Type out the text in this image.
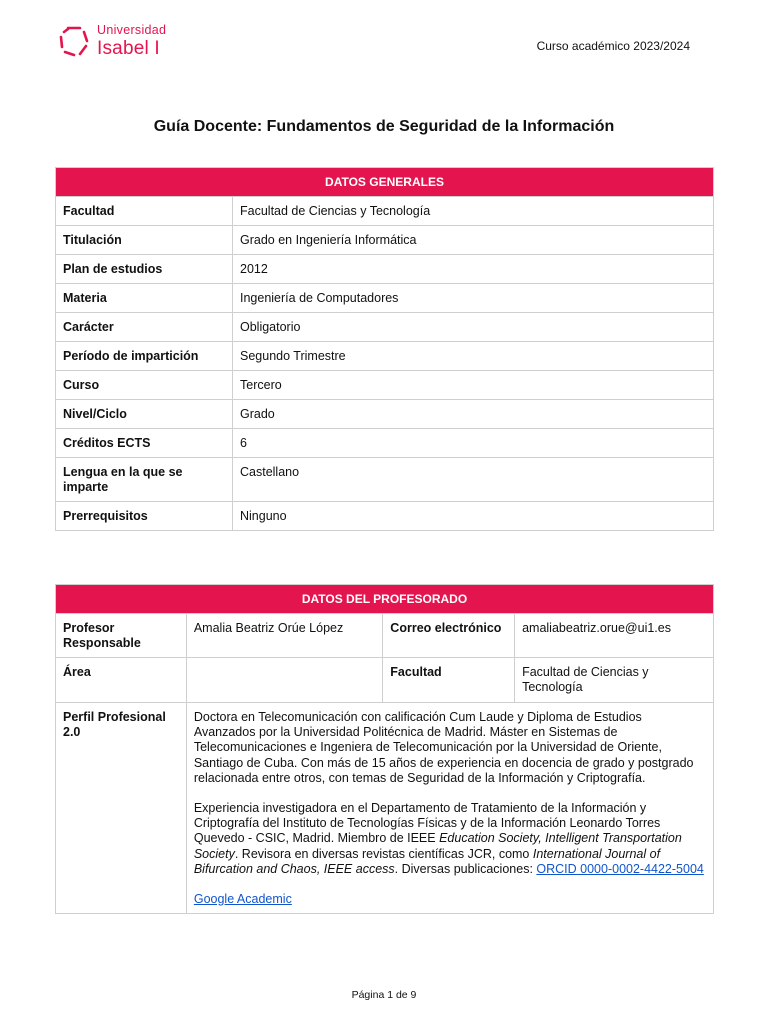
Universidad
Isabel I	Curso académico 2023/2024
Guía Docente: Fundamentos de Seguridad de la Información
DATOS GENERALES	
Facultad	Facultad de Ciencias y Tecnología
Titulación	Grado en Ingeniería Informática
Plan de estudios	2012
Materia	Ingeniería de Computadores
Carácter	Obligatorio
Período de impartición	Segundo Trimestre
Curso	Tercero
Nivel/Ciclo	Grado
Créditos ECTS	6
Lengua en la que se imparte	Castellano
Prerrequisitos	Ninguno
DATOS DEL PROFESORADO			
Profesor Responsable	Amalia Beatriz Orúe López	Correo electrónico	amaliabeatriz.orue@ui1.es
Área		Facultad	Facultad de Ciencias y Tecnología
Perfil Profesional 2.0	Doctora en Telecomunicación con calificación Cum Laude y Diploma de Estudios Avanzados por la Universidad Politécnica de Madrid. Máster en Sistemas de Telecomunicaciones e Ingeniera de Telecomunicación por la Universidad de Oriente, Santiago de Cuba. Con más de 15 años de experiencia en docencia de grado y postgrado relacionada entre otros, con temas de Seguridad de la Información y Criptografía.

Experiencia investigadora en el Departamento de Tratamiento de la Información y Criptografía del Instituto de Tecnologías Físicas y de la Información Leonardo Torres Quevedo - CSIC, Madrid. Miembro de IEEE Education Society, Intelligent Transportation Society. Revisora en diversas revistas científicas JCR, como International Journal of Bifurcation and Chaos, IEEE access. Diversas publicaciones: ORCID 0000-0002-4422-5004

Google Academic		

Página 1 de 9
